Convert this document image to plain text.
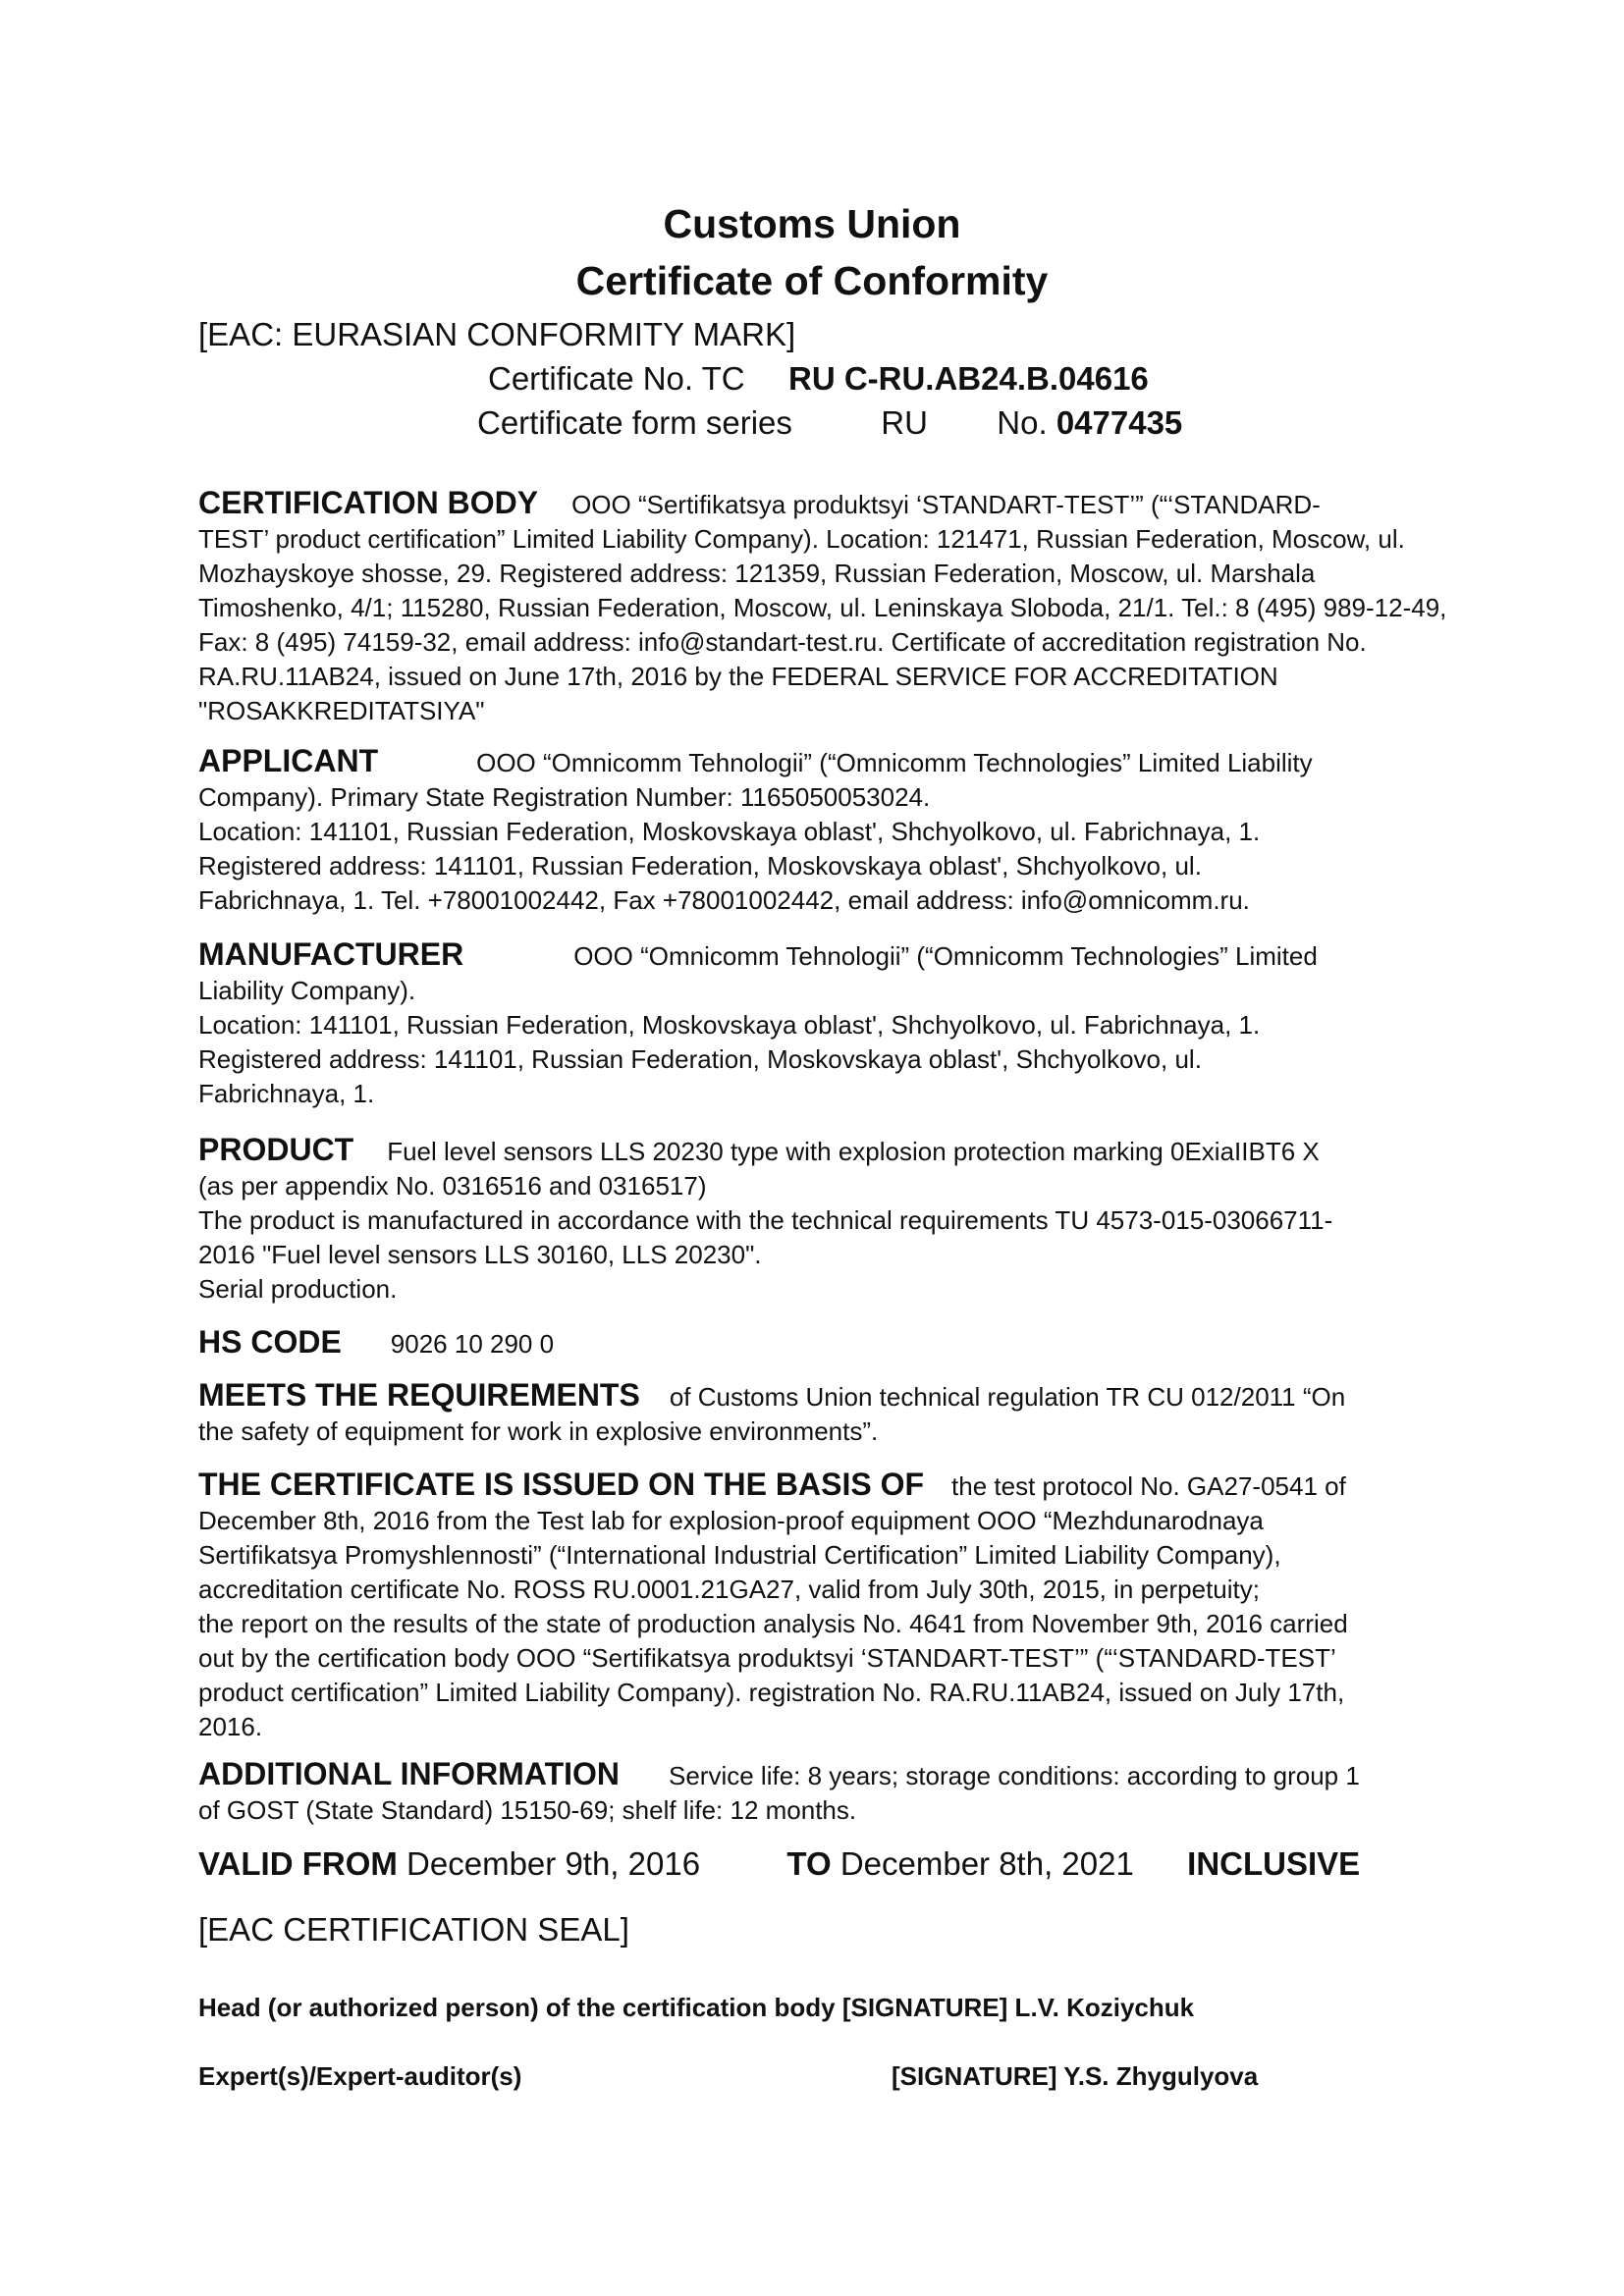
Customs Union
Certificate of Conformity
[EAC: EURASIAN CONFORMITY MARK]
Certificate No. TC RU C-RU.AB24.B.04616
Certificate form series	RU No. 0477435

CERTIFICATION BODY OOO “Sertifikatsya produktsyi ‘STANDART-TEST’” (“‘STANDARD-

TEST’ product certification” Limited Liability Company). Location: 121471, Russian Federation, Moscow, ul. Mozhayskoye shosse, 29. Registered address: 121359, Russian Federation, Moscow, ul. Marshala Timoshenko, 4/1; 115280, Russian Federation, Moscow, ul. Leninskaya Sloboda, 21/1. Tel.: 8 (495) 989-12-49, Fax: 8 (495) 74159-32, email address: info@standart-test.ru. Certificate of accreditation registration No. RA.RU.11AB24, issued on June 17th, 2016 by the FEDERAL SERVICE FOR ACCREDITATION "ROSAKKREDITATSIYA"

APPLICANT	OOO “Omnicomm Tehnologii” (“Omnicomm Technologies” Limited Liability

Company). Primary State Registration Number: 1165050053024.

Location: 141101, Russian Federation, Moskovskaya oblast', Shchyolkovo, ul. Fabrichnaya, 1.

Registered address: 141101, Russian Federation, Moskovskaya oblast', Shchyolkovo, ul.

Fabrichnaya, 1. Tel. +78001002442, Fax +78001002442, email address: info@omnicomm.ru.

MANUFACTURER	OOO “Omnicomm Tehnologii” (“Omnicomm Technologies” Limited

Liability Company).

Location: 141101, Russian Federation, Moskovskaya oblast', Shchyolkovo, ul. Fabrichnaya, 1.

Registered address: 141101, Russian Federation, Moskovskaya oblast', Shchyolkovo, ul.

Fabrichnaya, 1.

PRODUCT Fuel level sensors LLS 20230 type with explosion protection marking 0ExiaIIBT6 X

(as per appendix No. 0316516 and 0316517)

The product is manufactured in accordance with the technical requirements TU 4573-015-03066711-

2016 "Fuel level sensors LLS 30160, LLS 20230".

Serial production.

HS CODE 9026 10 290 0

MEETS THE REQUIREMENTS of Customs Union technical regulation TR CU 012/2011 “On

the safety of equipment for work in explosive environments”.

THE CERTIFICATE IS ISSUED ON THE BASIS OF the test protocol No. GA27-0541 of

December 8th, 2016 from the Test lab for explosion-proof equipment OOO “Mezhdunarodnaya

Sertifikatsya Promyshlennosti” (“International Industrial Certification” Limited Liability Company),

accreditation certificate No. ROSS RU.0001.21GA27, valid from July 30th, 2015, in perpetuity;

the report on the results of the state of production analysis No. 4641 from November 9th, 2016 carried

out by the certification body OOO “Sertifikatsya produktsyi ‘STANDART-TEST’” (“‘STANDARD-TEST’

product certification” Limited Liability Company). registration No. RA.RU.11AB24, issued on July 17th,

2016.

ADDITIONAL INFORMATION Service life: 8 years; storage conditions: according to group 1

of GOST (State Standard) 15150-69; shelf life: 12 months.

VALID FROM December 9th, 2016	TO December 8th, 2021 INCLUSIVE
[EAC CERTIFICATION SEAL]
Head (or authorized person) of the certification body [SIGNATURE] L.V. Koziychuk
Expert(s)/Expert-auditor(s)	[SIGNATURE] Y.S. Zhygulyova
